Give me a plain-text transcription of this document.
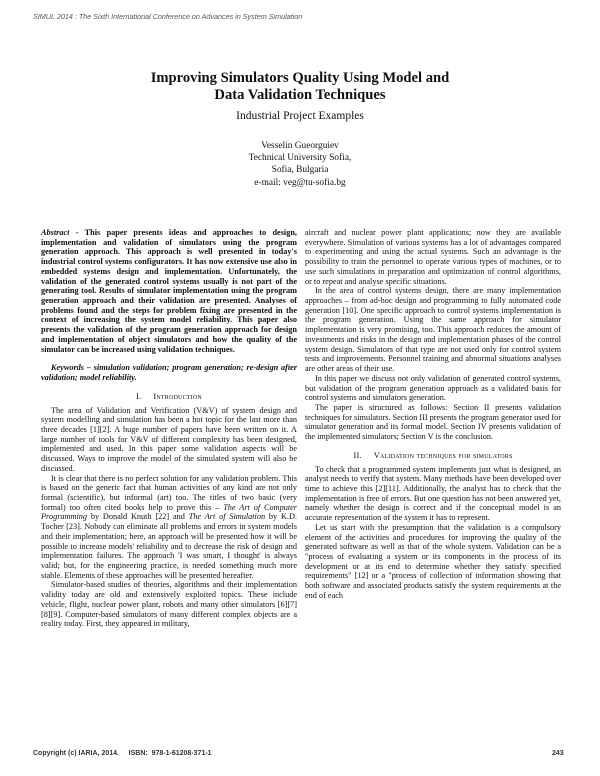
SIMUL 2014 : The Sixth International Conference on Advances in System Simulation
Improving Simulators Quality Using Model and
Data Validation Techniques
Industrial Project Examples
Vesselin Gueorguiev
Technical University Sofia,
Sofia, Bulgaria
e-mail: veg@tu-sofia.bg

Abstract - This paper presents ideas and approaches to design, implementation and validation of simulators using the program generation approach. This approach is well presented in today's industrial control systems configurators. It has now extensive use also in embedded systems design and implementation. Unfortunately, the validation of the generated control systems usually is not part of the generating tool. Results of simulator implementation using the program generation approach and their validation are presented. Analyses of problems found and the steps for problem fixing are presented in the context of increasing the system model reliability. This paper also presents the validation of the program generation approach for design and implementation of object simulators and how the quality of the simulator can be increased using validation techniques.

Keywords – simulation validation; program generation; re-design after validation; model reliability.

I. Introduction

The area of Validation and Verification (V&V) of system design and system modelling and simulation has been a hot topic for the last more than three decades [1][2]. A huge number of papers have been written on it. A large number of tools for V&V of different complexity has been designed, implemented and used. In this paper some validation aspects will be discussed. Ways to improve the model of the simulated system will also be discussed.

It is clear that there is no perfect solution for any validation problem. This is based on the generic fact that human activities of any kind are not only formal (scientific), but informal (art) too. The titles of two basic (very formal) too often cited books help to prove this – The Art of Computer Programming by Donald Knuth [22] and The Art of Simulation by K.D. Tocher [23]. Nobody can eliminate all problems and errors in system models and their implementation; here, an approach will be presented how it will be possible to increase models' reliability and to decrease the risk of design and implementation failures. The approach 'I was smart, I thought' is always valid; but, for the engineering practice, is needed something much more stable. Elements of these approaches will be presented hereafter.

Simulator-based studies of theories, algorithms and their implementation validity today are old and extensively exploited topics. These include vehicle, flight, nuclear power plant, robots and many other simulators [6][7][8][9]. Computer-based simulators of many different complex objects are a reality today. First, they appeared in military,

aircraft and nuclear power plant applications; now they are available everywhere. Simulation of various systems has a lot of advantages compared to experimenting and using the actual systems. Such an advantage is the possibility to train the personnel to operate various types of machines, or to use such simulations in preparation and optimization of control algorithms, or to repeat and analyse specific situations.

In the area of control systems design, there are many implementation approaches – from ad-hoc design and programming to fully automated code generation [10]. One specific approach to control systems implementation is the program generation. Using the same approach for simulator implementation is very promising, too. This approach reduces the amount of investments and risks in the design and implementation phases of the control system design. Simulators of that type are not used only for control system tests and improvements. Personnel training and abnormal situations analyses are other areas of their use.

In this paper we discuss not only validation of generated control systems, but validation of the program generation approach as a validated basis for control systems and simulators generation.

The paper is structured as follows: Section II presents validation techniques for simulators. Section III presents the program generator used for simulator generation and its formal model. Section IV presents validation of the implemented simulators; Section V is the conclusion.

II. Validation techniques for simulators

To check that a programmed system implements just what is designed, an analyst needs to verify that system. Many methods have been developed over time to achieve this [2][11]. Additionally, the analyst has to check that the implementation is free of errors. But one question has not been answered yet, namely whether the design is correct and if the conceptual model is an accurate representation of the system it has to represent.

Let us start with the presumption that the validation is a compulsory element of the activities and procedures for improving the quality of the generated software as well as that of the whole system. Validation can be a "process of evaluating a system or its components in the process of its development or at its end to determine whether they satisfy specified requirements" [12] or a "process of collection of information showing that both software and associated products satisfy the system requirements at the end of each

Copyright (c) IARIA, 2014.     ISBN:  978-1-61208-371-1	243
